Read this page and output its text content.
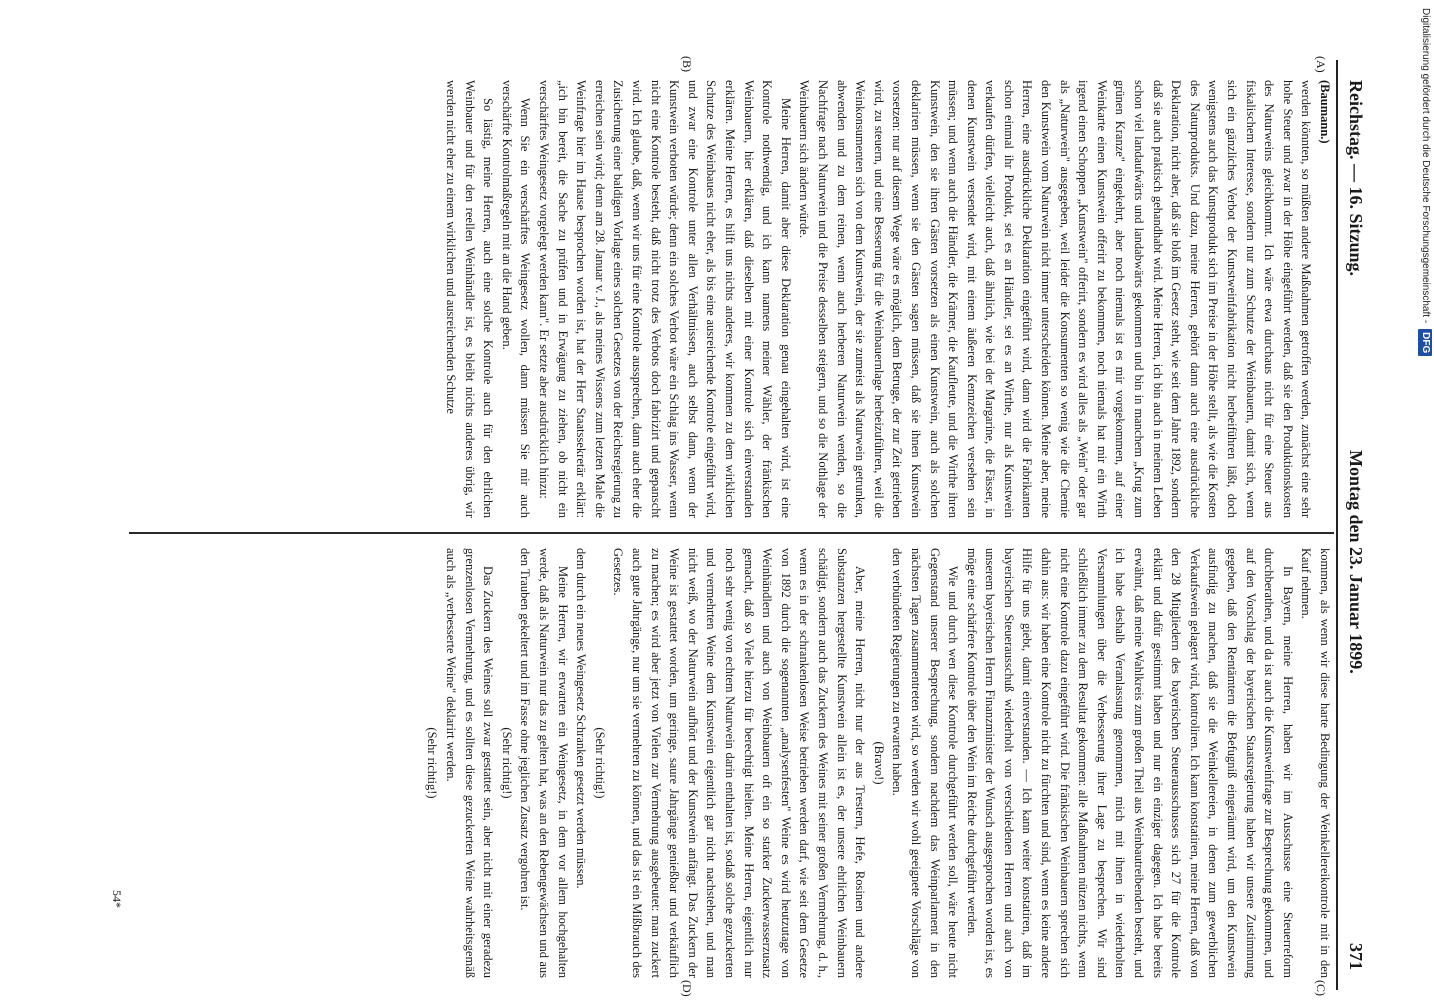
Reichstag. — 16. Sitzung.
Montag den 23. Januar 1899.
371
(A)
(B)
(C)
(D)

(Baumann.)

werden könnten, so müßten andere Maßnahmen getroffen werden, zunächst eine sehr hohe Steuer und zwar in der Höhe eingeführt werden, daß sie den Produktionskosten des Naturweins gleichkommt. Ich wäre etwa durchaus nicht für eine Steuer aus fiskalischem Interesse, sondern nur zum Schutze der Weinbauern, damit sich, wenn sich ein gänzliches Verbot der Kunstweinfabrikation nicht herbeiführen läßt, doch wenigstens auch das Kunstprodukt sich im Preise in der Höhe stellt, als wie die Kosten des Naturprodukts. Und dazu, meine Herren, gehört dann auch eine ausdrückliche Deklaration, nicht aber, daß sie bloß im Gesetz steht, wie seit dem Jahre 1892, sondern daß sie auch praktisch gehandhabt wird. Meine Herren, ich bin auch in meinem Leben schon viel landaufwärts und landabwärts gekommen und bin in manchem „Krug zum grünen Kranze" eingekehrt, aber noch niemals ist es mir vorgekommen, auf einer Weinkarte einen Kunstwein offerirt zu bekommen, noch niemals hat mir ein Wirth irgend einen Schoppen „Kunstwein" offerirt, sondern es wird alles als „Wein" oder gar als „Naturwein" ausgegeben, weil leider die Konsumenten so wenig wie die Chemie den Kunstwein vom Naturwein nicht immer unterscheiden können. Meine aber, meine Herren, eine ausdrückliche Deklaration eingeführt wird, dann wird die Fabrikanten schon einmal ihr Produkt, sei es an Händler, sei es an Wirthe, nur als Kunstwein verkaufen dürfen, vielleicht auch, daß ähnlich, wie bei der Margarine, die Fässer, in denen Kunstwein versendet wird, mit einem äußeren Kennzeichen versehen sein müssen; und wenn auch die Händler, die Krämer, die Kaufleute, und die Wirthe ihren Kunstwein, den sie ihren Gästen vorsetzen als einen Kunstwein, auch als solchen deklariren müssen, wenn sie den Gästen sagen müssen, daß sie ihnen Kunstwein vorsetzen: nur auf diesem Wege wäre es möglich, dem Betruge, der zur Zeit getrieben wird, zu steuern, und eine Besserung für die Weinbauernlage herbeizuführen, weil die Weinkonsumenten sich von dem Kunstwein, der sie zumeist als Naturwein getrunken, abwenden und zu dem reinen, wenn auch herberen Naturwein wenden, so die Nachfrage nach Naturwein und die Preise desselben steigern, und so die Nothlage der Weinbauern sich ändern würde.

Meine Herren, damit aber diese Deklaration genau eingehalten wird, ist eine Kontrole nothwendig, und ich kann namens meiner Wähler, der fränkischen Weinbauern, hier erklären, daß dieselben mit einer Kontrole sich einverstanden erklären. Meine Herren, es hilft uns nichts anderes, wir kommen zu dem wirklichen Schutze des Weinbaues nicht eher, als bis eine ausreichende Kontrole eingeführt wird, und zwar eine Kontrole unter allen Verhältnissen, auch selbst dann, wenn der Kunstwein verboten würde; denn ein solches Verbot wäre ein Schlag ins Wasser, wenn nicht eine Kontrole besteht, daß nicht trotz des Verbots doch fabrizirt und gepanscht wird. Ich glaube, daß, wenn wir uns für eine Kontrole aussprechen, dann auch eher die Zusicherung einer baldigen Vorlage eines solchen Gesetzes von der Reichsregierung zu erreichen sein wird; denn am 28. Januar v. J., als meines Wissens zum letzten Male die Weinfrage hier im Hause besprochen worden ist, hat der Herr Staatssekretär erklärt: „ich bin bereit, die Sache zu prüfen und in Erwägung zu ziehen, ob nicht ein verschärftes Weingesetz vorgelegt werden kann". Er setzte aber ausdrücklich hinzu:

Wenn Sie ein verschärftes Weingesetz wollen, dann müssen Sie mir auch verschärfte Kontrolmaßregeln mit an die Hand geben.

So lästig, meine Herren, auch eine solche Kontrole auch für den ehrlichen Weinbauer und für den reellen Weinhändler ist, es bleibt nichts anderes übrig, wir werden nicht eher zu einem wirklichen und ausreichenden Schutze

kommen, als wenn wir diese harte Bedingung der Weinkellereikontrole mit in den Kauf nehmen.

In Bayern, meine Herren, haben wir im Ausschusse eine Steuerreform durchberathen, und da ist auch die Kunstweinfrage zur Besprechung gekommen, und auf den Vorschlag der bayerischen Staatsregierung haben wir unsere Zustimmung gegeben, daß den Rentämtern die Befugniß eingeräumt wird, um den Kunstwein ausfindig zu machen, daß sie die Weinkellereien, in denen zum gewerblichen Verkaufswein gelagert wird, kontroliren. Ich kann konstatiren, meine Herren, daß von den 28 Mitgliedern des bayerischen Steuerausschusses sich 27 für die Kontrole erklärt und dafür gestimmt haben und nur ein einziger dagegen. Ich habe bereits erwähnt, daß meine Wahlkreis zum großen Theil aus Weinbautreibenden besteht, und ich habe deshalb Veranlassung genommen, mich mit ihnen in wiederholten Versammlungen über die Verbesserung ihrer Lage zu besprechen. Wir sind schließlich immer zu dem Resultat gekommen: alle Maßnahmen nützen nichts, wenn nicht eine Kontrole dazu eingeführt wird. Die fränkischen Weinbauern sprechen sich dahin aus: wir haben eine Kontrole nicht zu fürchten und sind, wenn es keine andere Hilfe für uns giebt, damit einverstanden. — Ich kann weiter konstatiren, daß im bayerischen Steuerausschuß wiederholt von verschiedenen Herren und auch von unserem bayerischen Herrn Finanzminister der Wunsch ausgesprochen worden ist, es möge eine schärfere Kontrole über den Wein im Reiche durchgeführt werden.

Wie und durch wen diese Kontrole durchgeführt werden soll, wäre heute nicht Gegenstand unserer Besprechung, sondern nachdem das Weinparlament in den nächsten Tagen zusammentreten wird, so werden wir wohl geeignete Vorschläge von den verbündeten Regierungen zu erwarten haben.

(Bravo!)

Aber, meine Herren, nicht nur der aus Trestern, Hefe, Rosinen und andere Substanzen hergestellte Kunstwein allein ist es, der unsere ehrlichen Weinbauern schädigt, sondern auch das Zuckern des Weines mit seiner großen Vermehrung, d. h., wenn es in der schrankenlosen Weise betrieben werden darf, wie seit dem Gesetze von 1892 durch die sogenannten „analysenfesten" Weine es wird heutzutage von Weinhändlern und auch von Weinbauern oft ein so starker Zuckerwasserzusatz gemacht, daß so Viele hierzu für berechtigt hielten. Meine Herren, eigentlich nur noch sehr wenig von echtem Naturwein darin enthalten ist, sodaß solche gezuckerten und vermehrten Weine dem Kunstwein eigentlich gar nicht nachstehen, und man nicht weiß, wo der Naturwein aufhört und der Kunstwein anfängt. Das Zuckern der Weine ist gestattet worden, um geringe, saure Jahrgänge genießbar und verkäuflich zu machen; es wird aber jetzt von Vielen zur Vermehrung ausgebeutet: man zuckert auch gute Jahrgänge, nur um sie vermehren zu können, und das ist ein Mißbrauch des Gesetzes.

(Sehr richtig!)

dem durch ein neues Weingesetz Schranken gesetzt werden müssen.

Meine Herren, wir erwarten ein Weingesetz, in dem vor allem hochgehalten werde, daß als Naturwein nur das zu gelten hat, was an den Rebengewächsen und aus den Trauben gekeltert und im Fasse ohne jeglichen Zusatz vergohren ist.

(Sehr richtig!)

Das Zuckern des Weines soll zwar gestattet sein, aber nicht mit einer geradezu grenzenlosen Vermehrung, und es sollten diese gezuckerten Weine wahrheitsgemäß auch als „verbesserte Weine" deklarirt werden.

(Sehr richtig!)

54*
Digitalisierung gefördert durch die Deutsche Forschungsgemeinschaft -DFG
